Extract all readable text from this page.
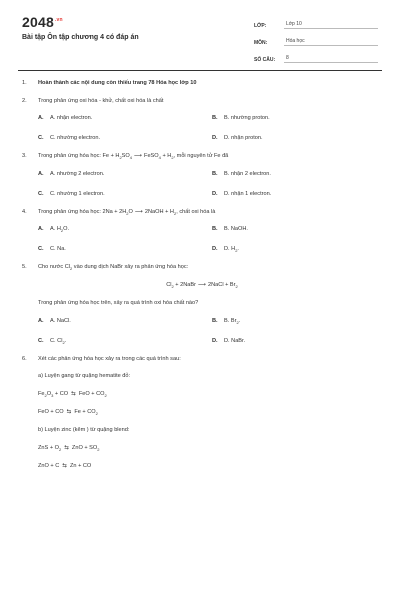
$2048^{.vn}$
Bài tập Ôn tập chương 4 có đáp án
LỚP:	Lớp 10
MÔN:	Hóa học
SỐ CÂU:	8
1.	Hoàn thành các nội dung còn thiếu trang 78 Hóa học lớp 10
2.	Trong phản ứng oxi hóa - khử, chất oxi hóa là chất
A.	A. nhận electron.	B.	B. nhường proton.
C.	C. nhường electron.	D.	D. nhận proton.
3.	Trong phản ứng hóa học: $Fe + H_2SO_4$ ⟶ FeSO$_4$ + $H_2$, mỗi nguyên tử Fe đã
A.	A. nhường 2 electron.	B.	B. nhận 2 electron.
C.	C. nhường 1 electron.	D.	D. nhận 1 electron.
4.	Trong phản ứng hóa học: $2Na + 2H_2O$ ⟶ 2NaOH + $H_2$, chất oxi hóa là
A.	A. $H_2O$.	B.	B. NaOH.
C.	C. Na.	D.	D. $H_2$.
5.	Cho nước $Cl_2$ vào dung dịch NaBr xảy ra phản ứng hóa học:
$Cl_2$ + 2NaBr ⟶ 2NaCl + $Br_2$
Trong phản ứng hóa học trên, xảy ra quá trình oxi hóa chất nào?
A.	A. NaCl.	B.	B. $Br_2$.
C.	C. $Cl_2$.	D.	D. NaBr.
6.	Xét các phản ứng hóa học xảy ra trong các quá trình sau:
a) Luyện gang từ quặng hematite đỏ:
$Fe_2O_3$ + CO ⇆ FeO + $CO_2$
FeO + CO ⇆ $Fe + CO_2$
b) Luyện zinc (kẽm ) từ quặng blend:
ZnS + $O_2$ ⇆ ZnO + $SO_2$
ZnO + C ⇆ Zn + CO
